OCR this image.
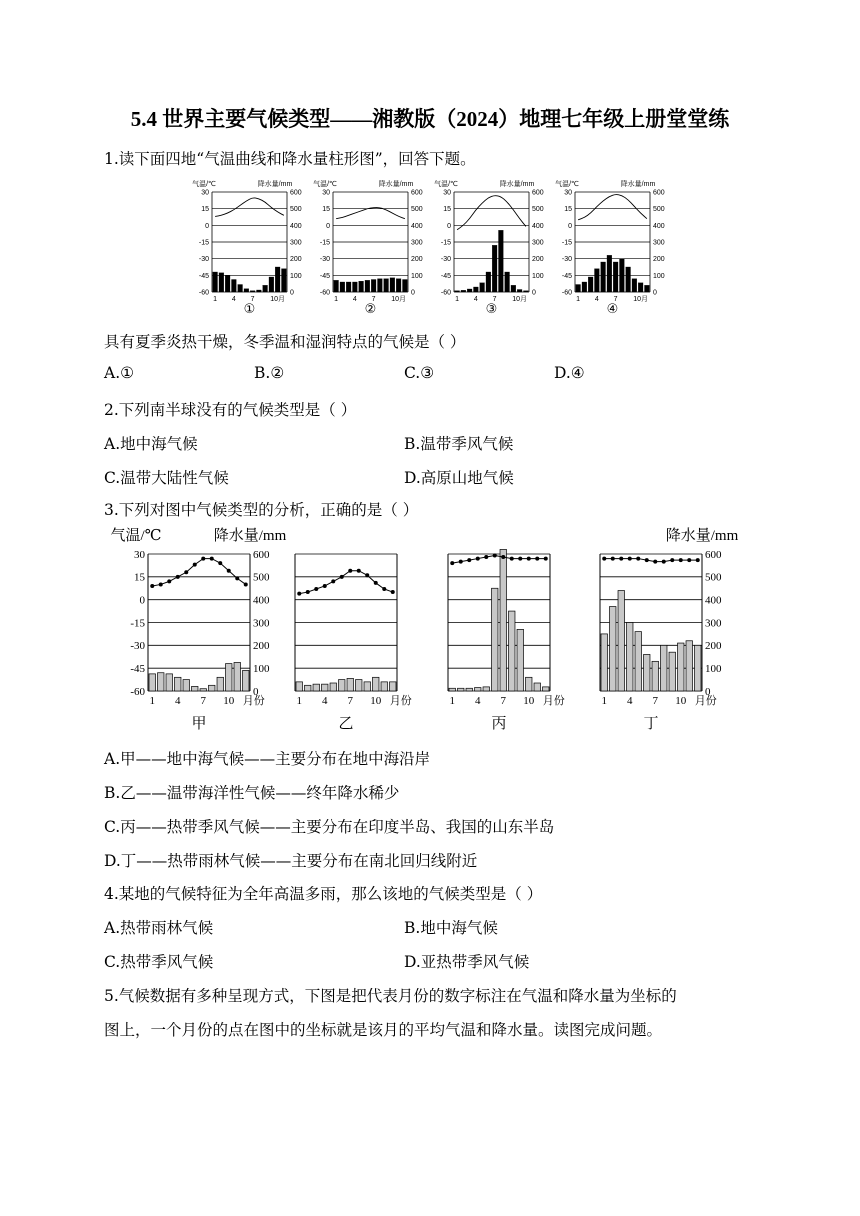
5.4 世界主要气候类型——湘教版（2024）地理七年级上册堂堂练
1.读下面四地“气温曲线和降水量柱形图”，回答下题。
30
15
0
-15
-30
-45
-60
600
500
400
300
200
100
0
1 4 7 10月
气温/℃	降水量/mm
①
30
15
0
-15
-30
-45
-60
600
500
400
300
200
100
0
1 4 7 10月
气温/℃	降水量/mm
②
30
15
0
-15
-30
-45
-60
600
500
400
300
200
100
0
1 4 7 10月
气温/℃	降水量/mm
③
30
15
0
-15
-30
-45
-60
600
500
400
300
200
100
0
1 4 7 10月
气温/℃	降水量/mm
④
具有夏季炎热干燥，冬季温和湿润特点的气候是（ ）
A.①	B.②	C.③	D.④
2.下列南半球没有的气候类型是（ ）
A.地中海气候	B.温带季风气候
C.温带大陆性气候	D.高原山地气候
3.下列对图中气候类型的分析，正确的是（ ）
30
15
0
-15
-30
-45
-60
600
500
400
300
200
100
0
1 4 7 10 月份
气温/℃	降水量/mm
甲
1 4 7 10 月份
乙
1 4 7 10 月份
丙
600
500
400
300
200
100
0
1 4 7 10 月份
降水量/mm
丁
A.甲——地中海气候——主要分布在地中海沿岸
B.乙——温带海洋性气候——终年降水稀少
C.丙——热带季风气候——主要分布在印度半岛、我国的山东半岛
D.丁——热带雨林气候——主要分布在南北回归线附近
4.某地的气候特征为全年高温多雨，那么该地的气候类型是（ ）
A.热带雨林气候	B.地中海气候
C.热带季风气候	D.亚热带季风气候
5.气候数据有多种呈现方式，下图是把代表月份的数字标注在气温和降水量为坐标的
图上，一个月份的点在图中的坐标就是该月的平均气温和降水量。读图完成问题。
